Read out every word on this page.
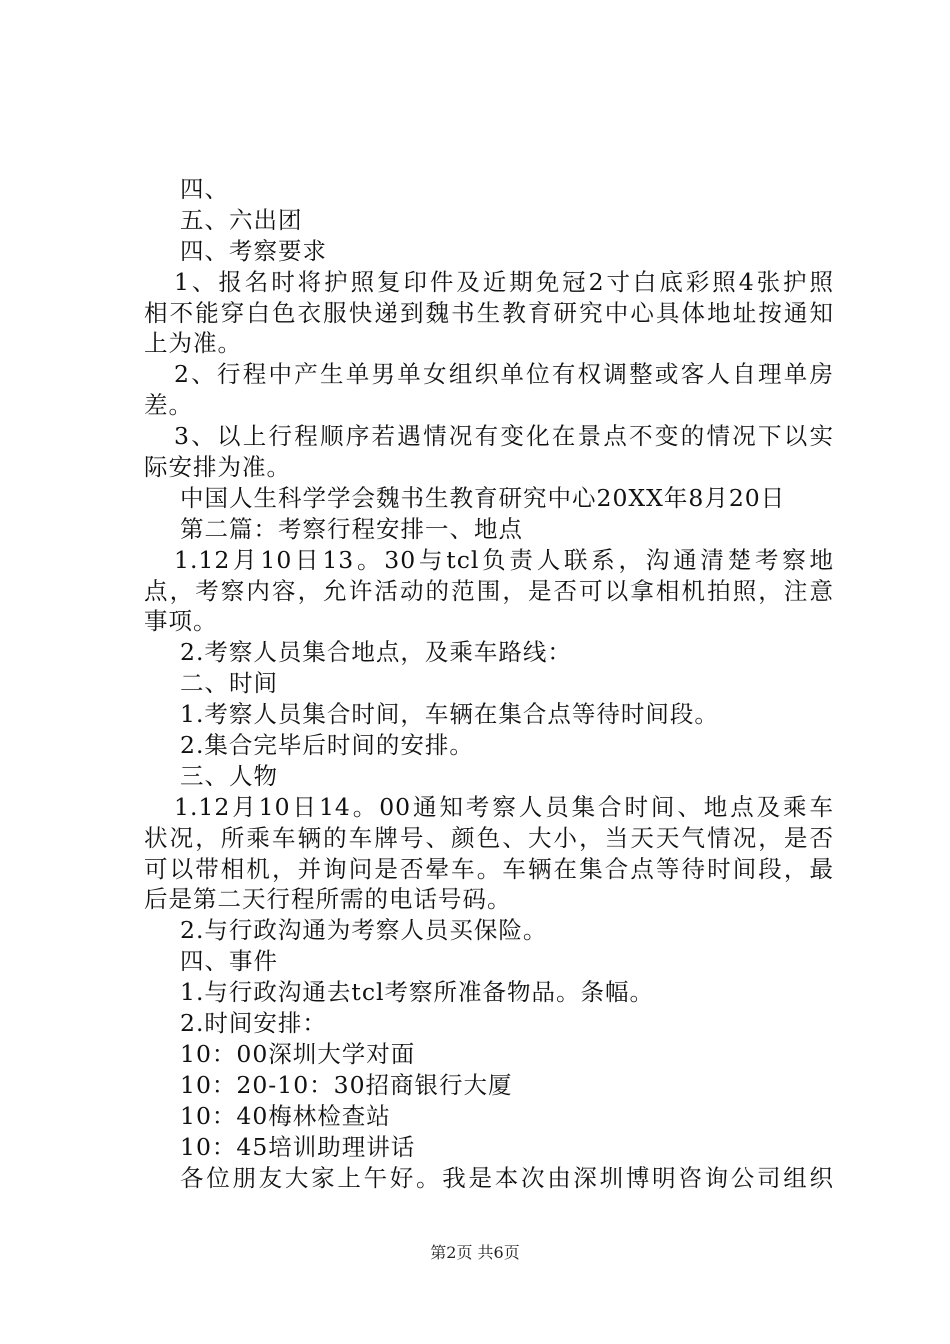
四、
五、六出团
四、考察要求
1、报名时将护照复印件及近期免冠2寸白底彩照4张护照
相不能穿白色衣服快递到魏书生教育研究中心具体地址按通知
上为准。
2、行程中产生单男单女组织单位有权调整或客人自理单房
差。
3、以上行程顺序若遇情况有变化在景点不变的情况下以实
际安排为准。
中国人生科学学会魏书生教育研究中心20XX年8月20日
第二篇：考察行程安排一、地点
1.12月10日13。30与tcl负责人联系，沟通清楚考察地
点，考察内容，允许活动的范围，是否可以拿相机拍照，注意
事项。
2.考察人员集合地点，及乘车路线：
二、时间
1.考察人员集合时间，车辆在集合点等待时间段。
2.集合完毕后时间的安排。
三、人物
1.12月10日14。00通知考察人员集合时间、地点及乘车
状况，所乘车辆的车牌号、颜色、大小，当天天气情况，是否
可以带相机，并询问是否晕车。车辆在集合点等待时间段，最
后是第二天行程所需的电话号码。
2.与行政沟通为考察人员买保险。
四、事件
1.与行政沟通去tcl考察所准备物品。条幅。
2.时间安排：
10：00深圳大学对面
10：20-10：30招商银行大厦
10：40梅林检查站
10：45培训助理讲话
各位朋友大家上午好。我是本次由深圳博明咨询公司组织
第2页 共6页
